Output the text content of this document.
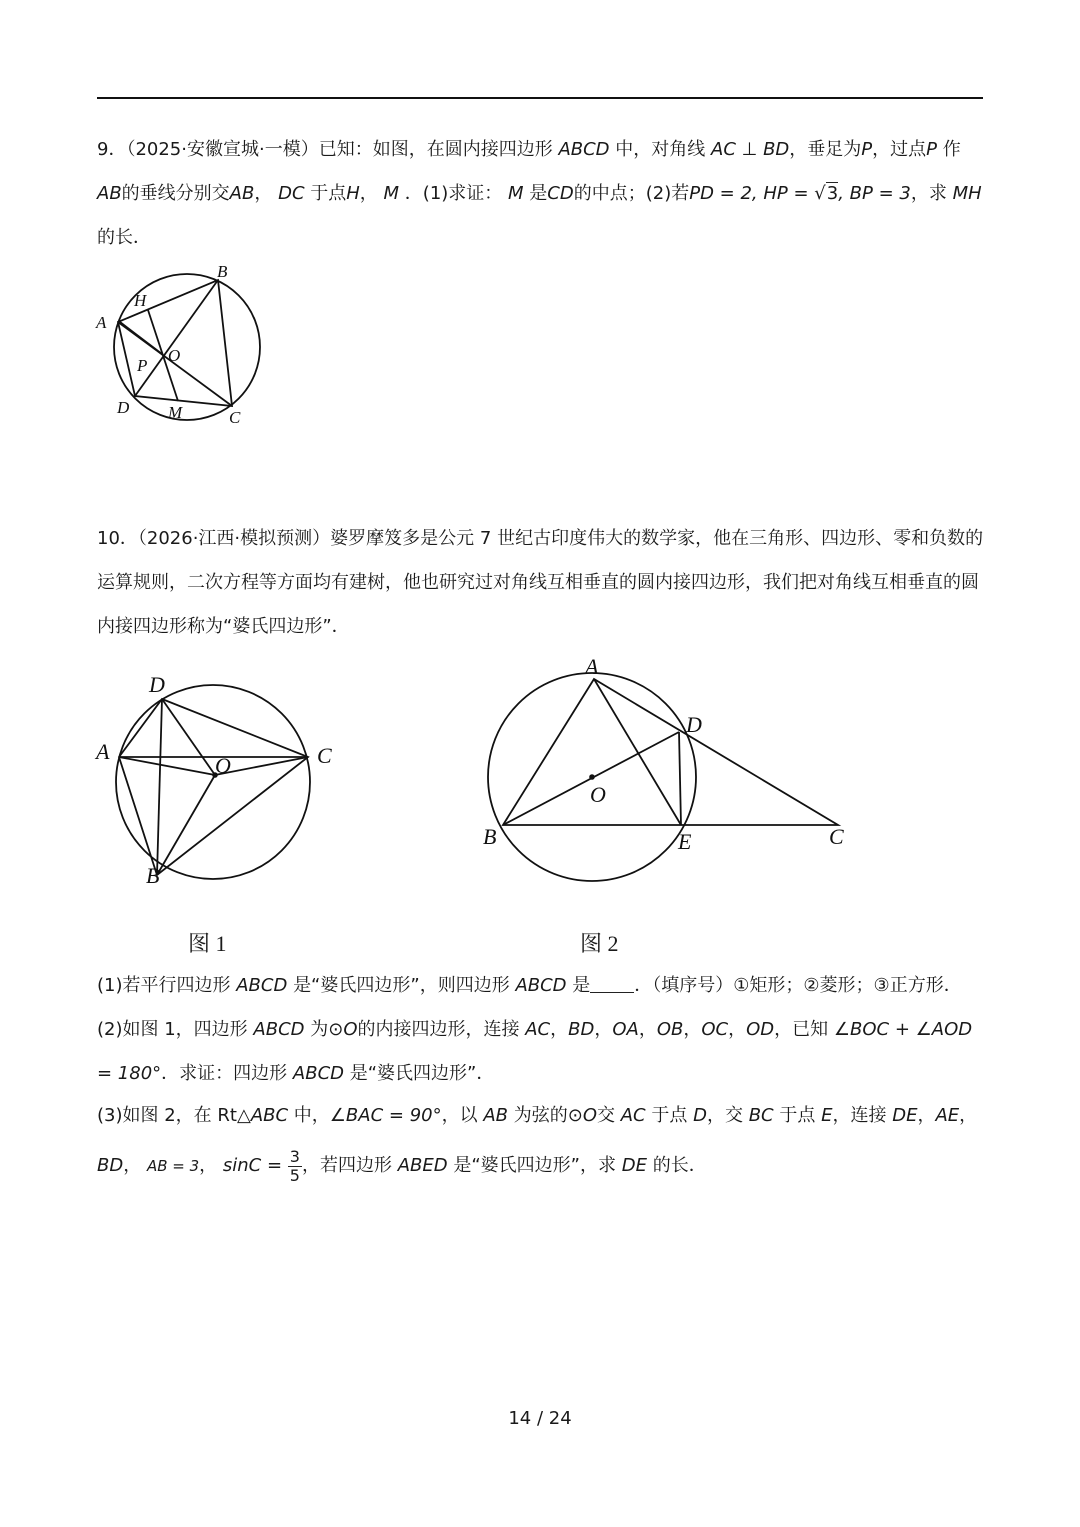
9．（2025·安徽宣城·一模）已知：如图，在圆内接四边形 ABCD 中，对角线 AC ⊥ BD，垂足为P，过点P 作AB的垂线分别交AB， DC 于点H， M ．(1)求证： M 是CD的中点；(2)若PD = 2, HP = √3, BP = 3，求 MH的长．
A
B
C
D
H
M
O
P
10．（2026·江西·模拟预测）婆罗摩笈多是公元 7 世纪古印度伟大的数学家，他在三角形、四边形、零和负数的运算规则，二次方程等方面均有建树，他也研究过对角线互相垂直的圆内接四边形，我们把对角线互相垂直的圆内接四边形称为“婆氏四边形”．
A
B
C
D
O
A
B	C
D
E
O
图 1	图 2
(1)若平行四边形 ABCD 是“婆氏四边形”，则四边形 ABCD 是 ．（填序号）①矩形；②菱形；③正方形．(2)如图 1，四边形 ABCD 为⊙O的内接四边形，连接 AC，BD，OA，OB，OC，OD，已知 ∠BOC + ∠AOD = 180°．求证：四边形 ABCD 是“婆氏四边形”．
(3)如图 2，在 Rt△ABC 中，∠BAC = 90°，以 AB 为弦的⊙O交 AC 于点 D，交 BC 于点 E，连接 DE，AE，
BD， AB = 3， $\sin C = \frac{3}{5}$ ，若四边形 ABED 是“婆氏四边形”，求 DE 的长．
14 / 24
